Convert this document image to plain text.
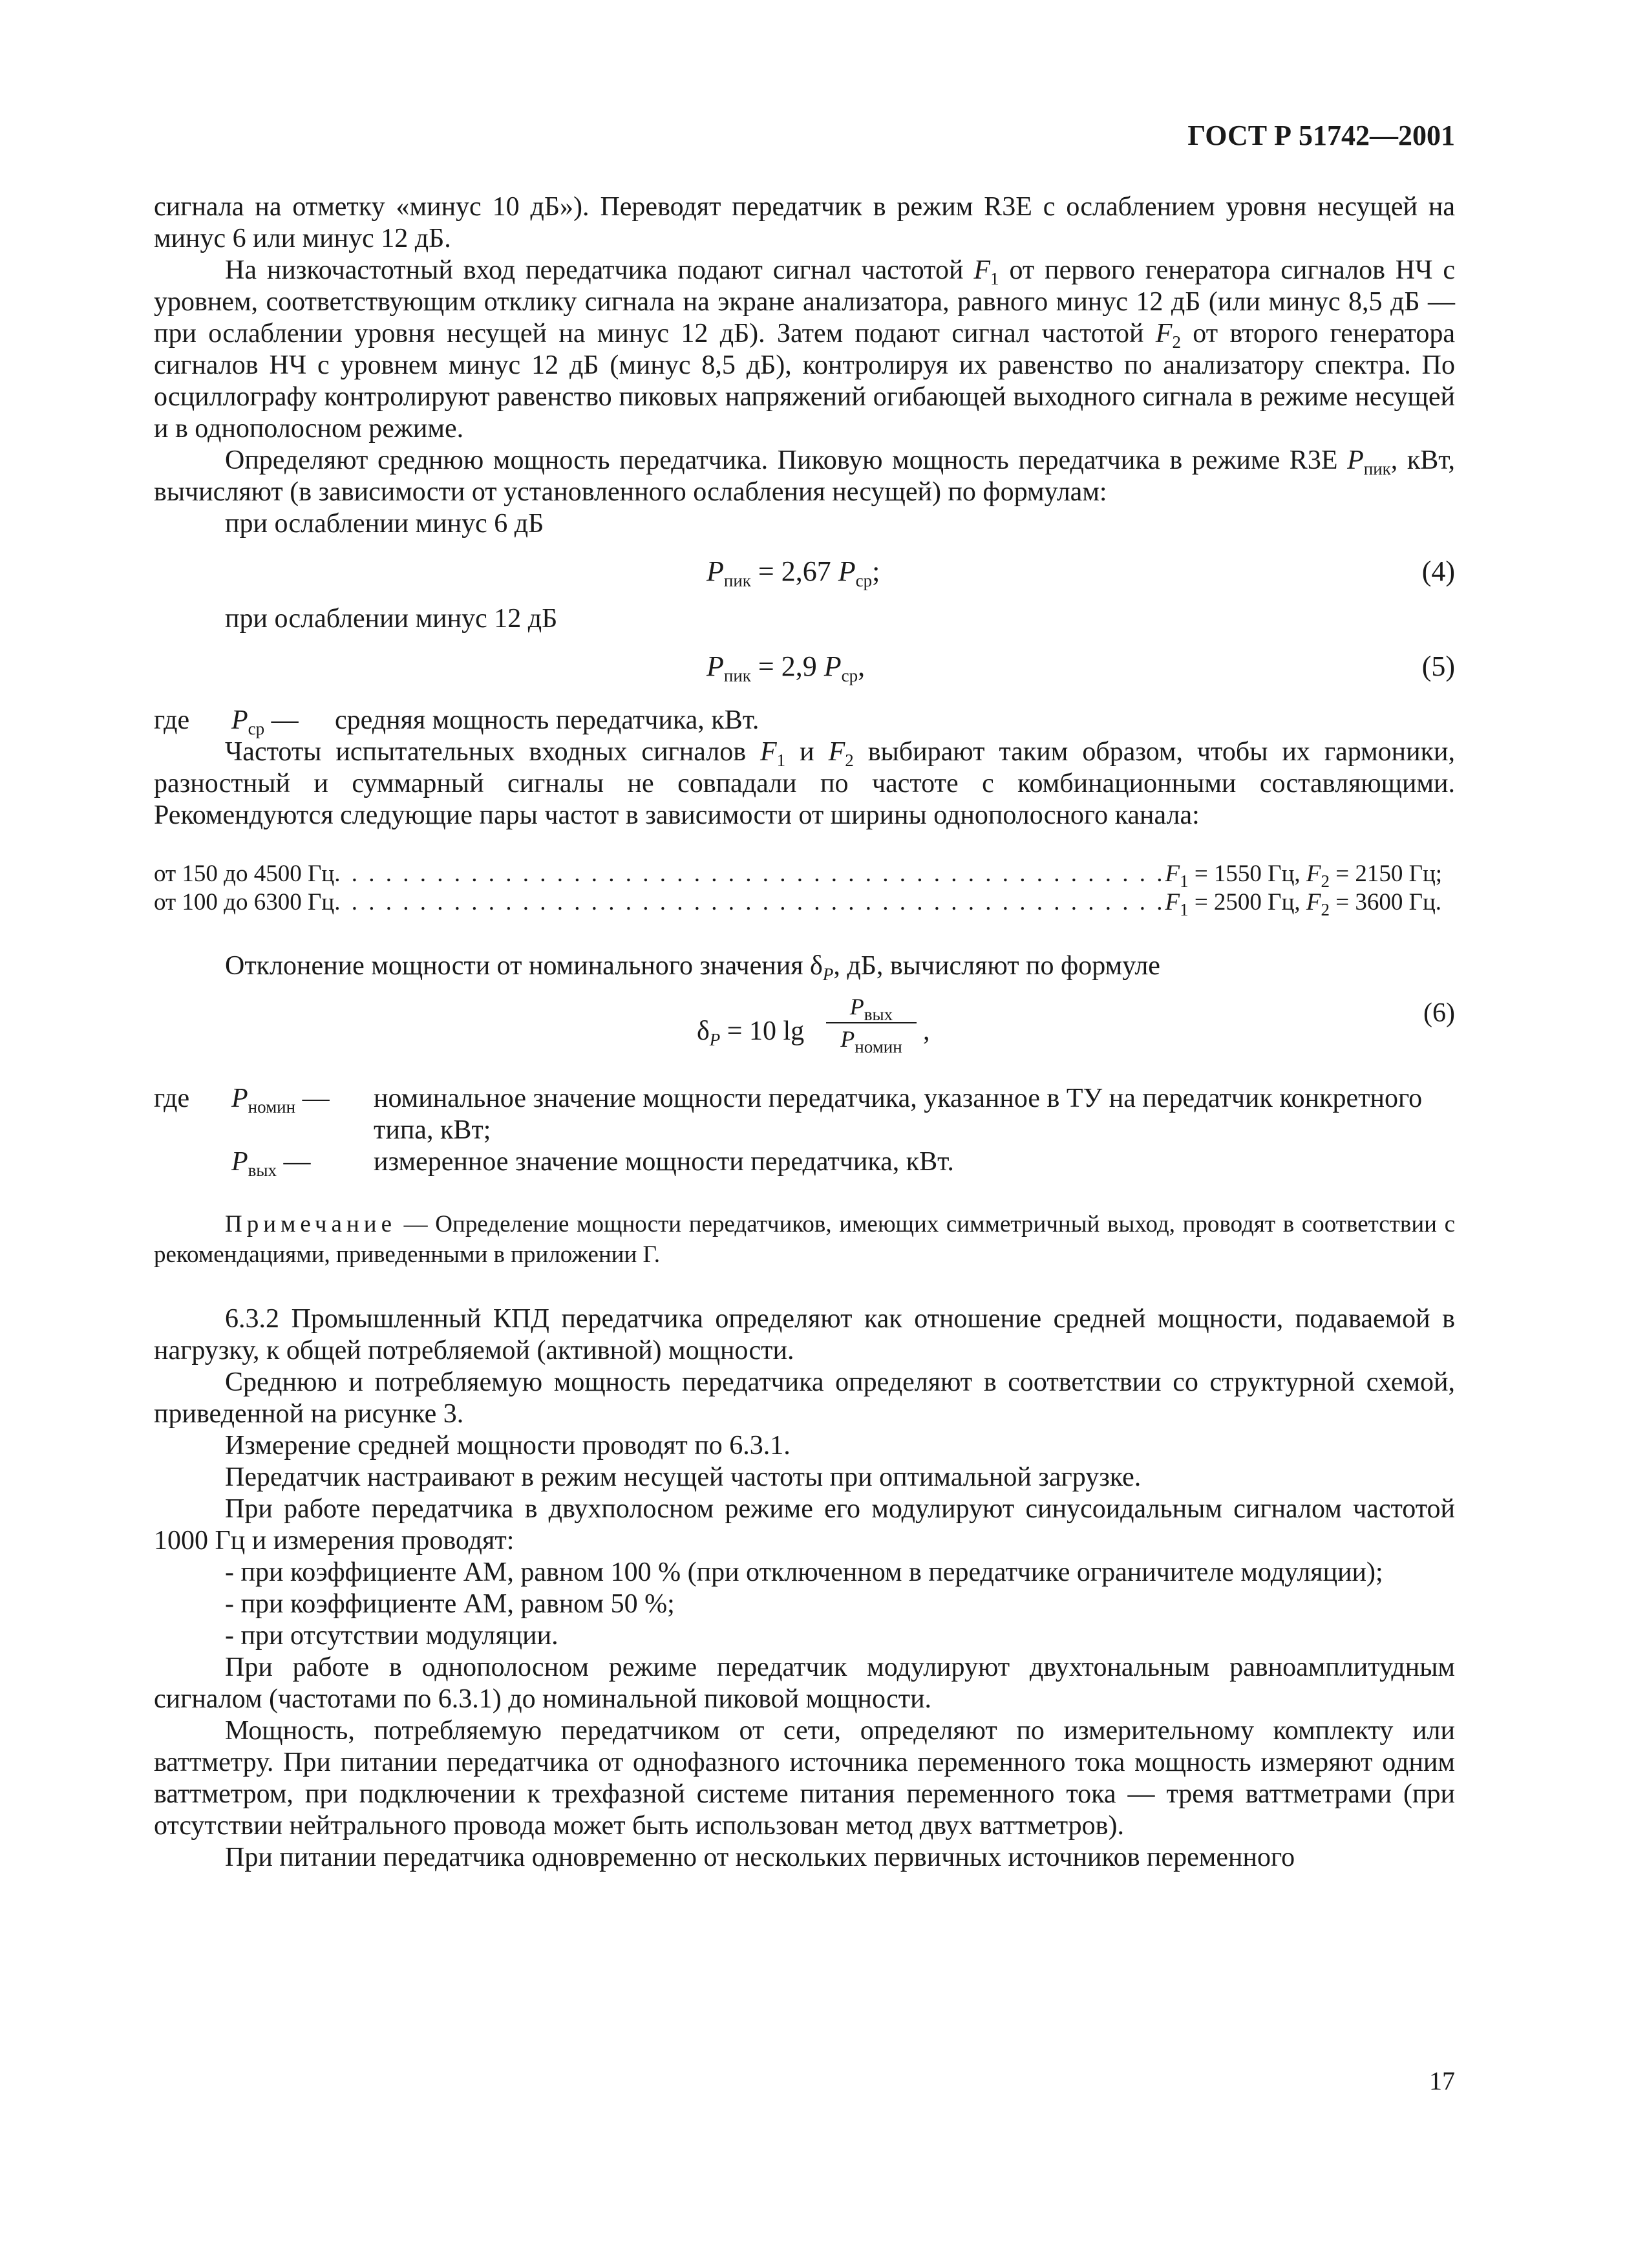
ГОСТ Р 51742—2001

сигнала на отметку «минус 10 дБ»). Переводят передатчик в режим R3E с ослаблением уровня несущей на минус 6 или минус 12 дБ.

На низкочастотный вход передатчика подают сигнал частотой $F_1$ от первого генератора сигналов НЧ с уровнем, соответствующим отклику сигнала на экране анализатора, равного минус 12 дБ (или минус 8,5 дБ — при ослаблении уровня несущей на минус 12 дБ). Затем подают сигнал частотой $F_2$ от второго генератора сигналов НЧ с уровнем минус 12 дБ (минус 8,5 дБ), контролируя их равенство по анализатору спектра. По осциллографу контролируют равенство пиковых напряжений огибающей выходного сигнала в режиме несущей и в однополосном режиме.

Определяют среднюю мощность передатчика. Пиковую мощность передатчика в режиме R3E $P_{пик}$, кВт, вычисляют (в зависимости от установленного ослабления несущей) по формулам:

при ослаблении минус 6 дБ

$P_{пик} = 2,67$ $P_{ср}$;	(4)

при ослаблении минус 12 дБ

$P_{пик} = 2,9$ $P_{ср}$,	(5)
где	$P_{ср}$ —	средняя мощность передатчика, кВт.

Частоты испытательных входных сигналов $F_1$ и $F_2$ выбирают таким образом, чтобы их гармоники, разностный и суммарный сигналы не совпадали по частоте с комбинационными составляющими. Рекомендуются следующие пары частот в зависимости от ширины однополосного канала:

от 150 до 4500 Гц . . . . . . . . . . . . . . . . . . . . . . . . . . . . . . . . . . . . . . . . . . . . . . . . . $F_1 = 1550$ Гц, $F_2 = 2150$ Гц;
от 100 до 6300 Гц . . . . . . . . . . . . . . . . . . . . . . . . . . . . . . . . . . . . . . . . . . . . . . . . . $F_1 = 2500$ Гц, $F_2 = 3600$ Гц.

Отклонение мощности от номинального значения $\delta_P$, дБ, вычисляют по формуле

$\delta_P = 10$ lg
$P_{вых}$
$P_{номин}$
,
(6)
где	$P_{номин}$ —	номинальное значение мощности передатчика, указанное в ТУ на передатчик конкретного типа, кВт;
$P_{вых}$ —	измеренное значение мощности передатчика, кВт.

Примечание — Определение мощности передатчиков, имеющих симметричный выход, проводят в соответствии с рекомендациями, приведенными в приложении Г.

6.3.2 Промышленный КПД передатчика определяют как отношение средней мощности, подаваемой в нагрузку, к общей потребляемой (активной) мощности.

Среднюю и потребляемую мощность передатчика определяют в соответствии со структурной схемой, приведенной на рисунке 3.

Измерение средней мощности проводят по 6.3.1.

Передатчик настраивают в режим несущей частоты при оптимальной загрузке.

При работе передатчика в двухполосном режиме его модулируют синусоидальным сигналом частотой 1000 Гц и измерения проводят:

- при коэффициенте АМ, равном 100 % (при отключенном в передатчике ограничителе модуляции);

- при коэффициенте АМ, равном 50 %;

- при отсутствии модуляции.

При работе в однополосном режиме передатчик модулируют двухтональным равноамплитудным сигналом (частотами по 6.3.1) до номинальной пиковой мощности.

Мощность, потребляемую передатчиком от сети, определяют по измерительному комплекту или ваттметру. При питании передатчика от однофазного источника переменного тока мощность измеряют одним ваттметром, при подключении к трехфазной системе питания переменного тока — тремя ваттметрами (при отсутствии нейтрального провода может быть использован метод двух ваттметров).

При питании передатчика одновременно от нескольких первичных источников переменного

17
